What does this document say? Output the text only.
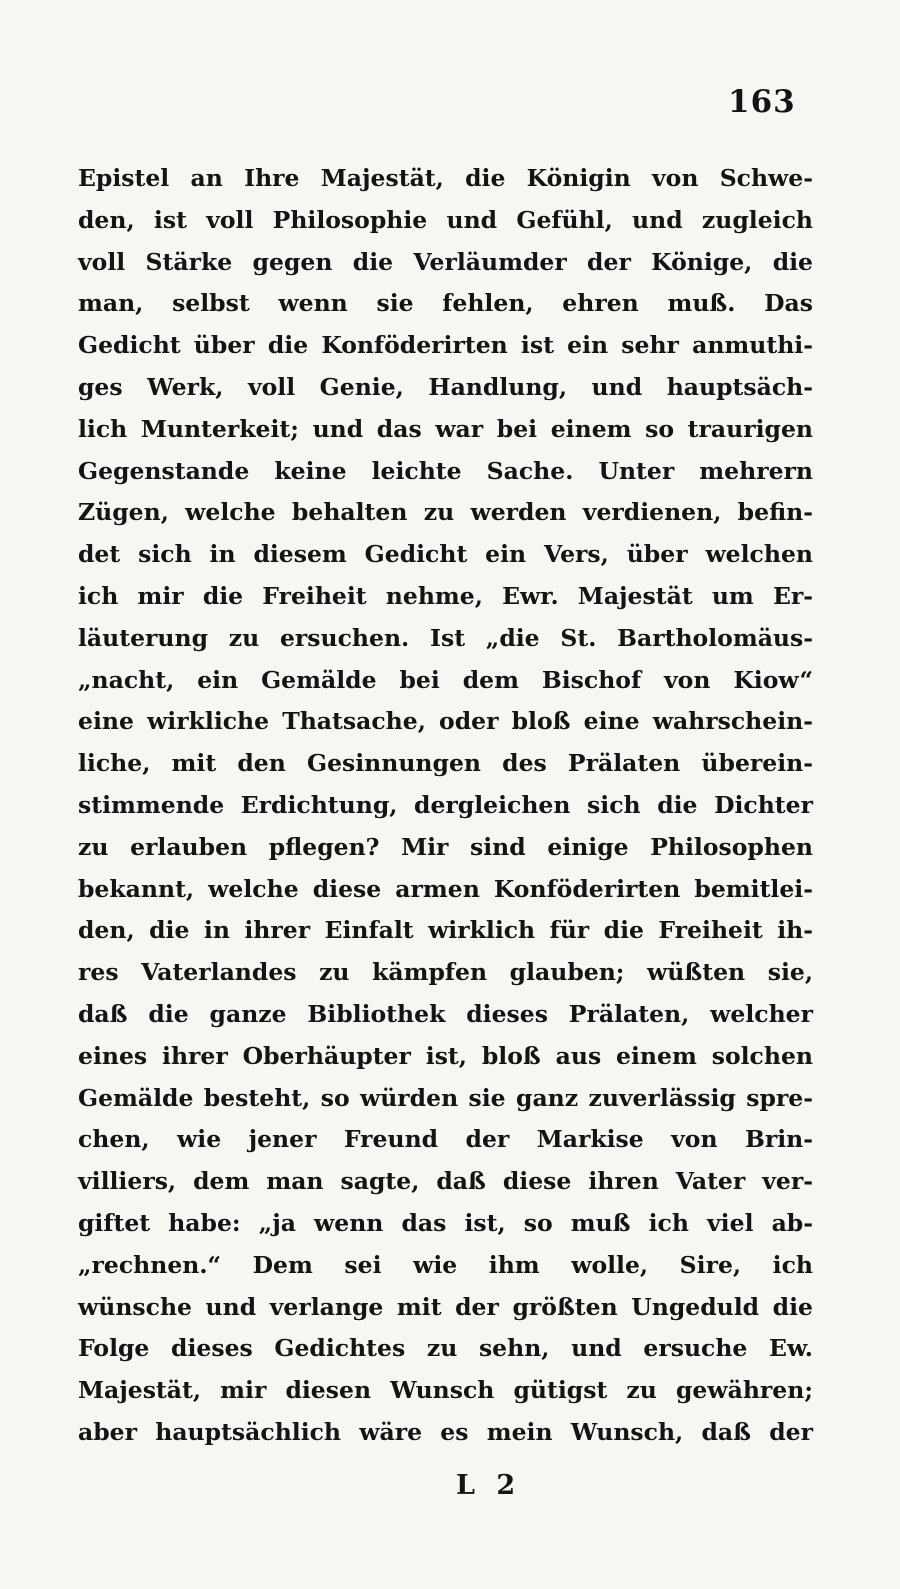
163
Epistel an Ihre Majestät, die Königin von Schwe-
den, ist voll Philosophie und Gefühl, und zugleich
voll Stärke gegen die Verläumder der Könige, die
man, selbst wenn sie fehlen, ehren muß. Das
Gedicht über die Konföderirten ist ein sehr anmuthi-
ges Werk, voll Genie, Handlung, und hauptsäch-
lich Munterkeit; und das war bei einem so traurigen
Gegenstande keine leichte Sache. Unter mehrern
Zügen, welche behalten zu werden verdienen, befin-
det sich in diesem Gedicht ein Vers, über welchen
ich mir die Freiheit nehme, Ewr. Majestät um Er-
läuterung zu ersuchen. Ist „die St. Bartholomäus-
„nacht, ein Gemälde bei dem Bischof von Kiow“
eine wirkliche Thatsache, oder bloß eine wahrschein-
liche, mit den Gesinnungen des Prälaten überein-
stimmende Erdichtung, dergleichen sich die Dichter
zu erlauben pflegen? Mir sind einige Philosophen
bekannt, welche diese armen Konföderirten bemitlei-
den, die in ihrer Einfalt wirklich für die Freiheit ih-
res Vaterlandes zu kämpfen glauben; wüßten sie,
daß die ganze Bibliothek dieses Prälaten, welcher
eines ihrer Oberhäupter ist, bloß aus einem solchen
Gemälde besteht, so würden sie ganz zuverlässig spre-
chen, wie jener Freund der Markise von Brin-
villiers, dem man sagte, daß diese ihren Vater ver-
giftet habe: „ja wenn das ist, so muß ich viel ab-
„rechnen.“ Dem sei wie ihm wolle, Sire, ich
wünsche und verlange mit der größten Ungeduld die
Folge dieses Gedichtes zu sehn, und ersuche Ew.
Majestät, mir diesen Wunsch gütigst zu gewähren;
aber hauptsächlich wäre es mein Wunsch, daß der
L 2
